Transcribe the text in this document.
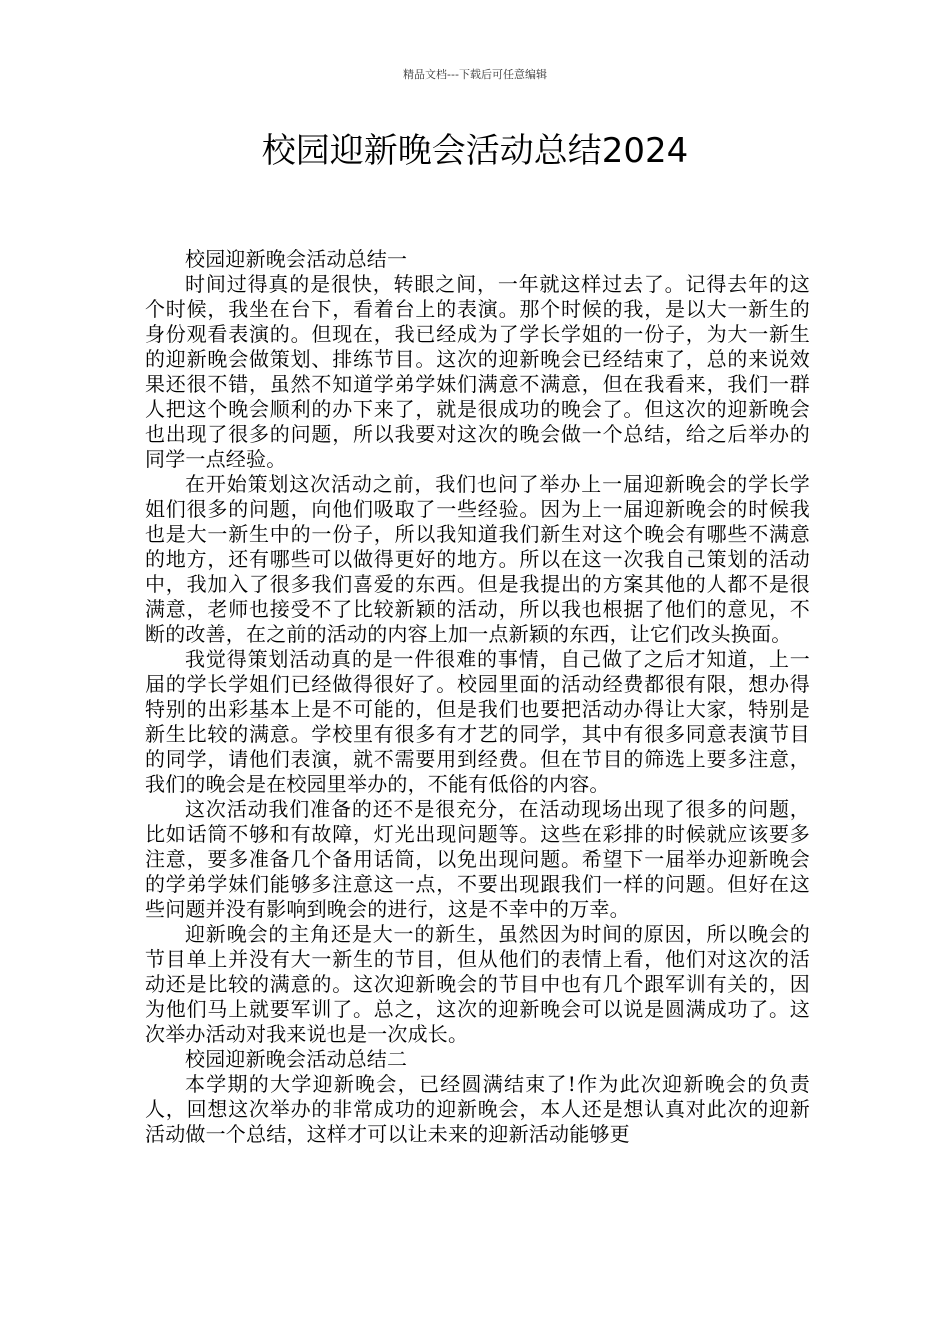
精品文档---下载后可任意编辑
校园迎新晚会活动总结2024
校园迎新晚会活动总结一

时间过得真的是很快，转眼之间，一年就这样过去了。记得去年的这个时候，我坐在台下，看着台上的表演。那个时候的我，是以大一新生的身份观看表演的。但现在，我已经成为了学长学姐的一份子，为大一新生的迎新晚会做策划、排练节目。这次的迎新晚会已经结束了，总的来说效果还很不错，虽然不知道学弟学妹们满意不满意，但在我看来，我们一群人把这个晚会顺利的办下来了，就是很成功的晚会了。但这次的迎新晚会也出现了很多的问题，所以我要对这次的晚会做一个总结，给之后举办的同学一点经验。

在开始策划这次活动之前，我们也问了举办上一届迎新晚会的学长学姐们很多的问题，向他们吸取了一些经验。因为上一届迎新晚会的时候我也是大一新生中的一份子，所以我知道我们新生对这个晚会有哪些不满意的地方，还有哪些可以做得更好的地方。所以在这一次我自己策划的活动中，我加入了很多我们喜爱的东西。但是我提出的方案其他的人都不是很满意，老师也接受不了比较新颖的活动，所以我也根据了他们的意见，不断的改善，在之前的活动的内容上加一点新颖的东西，让它们改头换面。

我觉得策划活动真的是一件很难的事情，自己做了之后才知道，上一届的学长学姐们已经做得很好了。校园里面的活动经费都很有限，想办得特别的出彩基本上是不可能的，但是我们也要把活动办得让大家，特别是新生比较的满意。学校里有很多有才艺的同学，其中有很多同意表演节目的同学，请他们表演，就不需要用到经费。但在节目的筛选上要多注意，我们的晚会是在校园里举办的，不能有低俗的内容。

这次活动我们准备的还不是很充分，在活动现场出现了很多的问题，比如话筒不够和有故障，灯光出现问题等。这些在彩排的时候就应该要多注意，要多准备几个备用话筒，以免出现问题。希望下一届举办迎新晚会的学弟学妹们能够多注意这一点，不要出现跟我们一样的问题。但好在这些问题并没有影响到晚会的进行，这是不幸中的万幸。

迎新晚会的主角还是大一的新生，虽然因为时间的原因，所以晚会的节目单上并没有大一新生的节目，但从他们的表情上看，他们对这次的活动还是比较的满意的。这次迎新晚会的节目中也有几个跟军训有关的，因为他们马上就要军训了。总之，这次的迎新晚会可以说是圆满成功了。这次举办活动对我来说也是一次成长。

校园迎新晚会活动总结二

本学期的大学迎新晚会，已经圆满结束了!作为此次迎新晚会的负责人，回想这次举办的非常成功的迎新晚会，本人还是想认真对此次的迎新活动做一个总结，这样才可以让未来的迎新活动能够更
